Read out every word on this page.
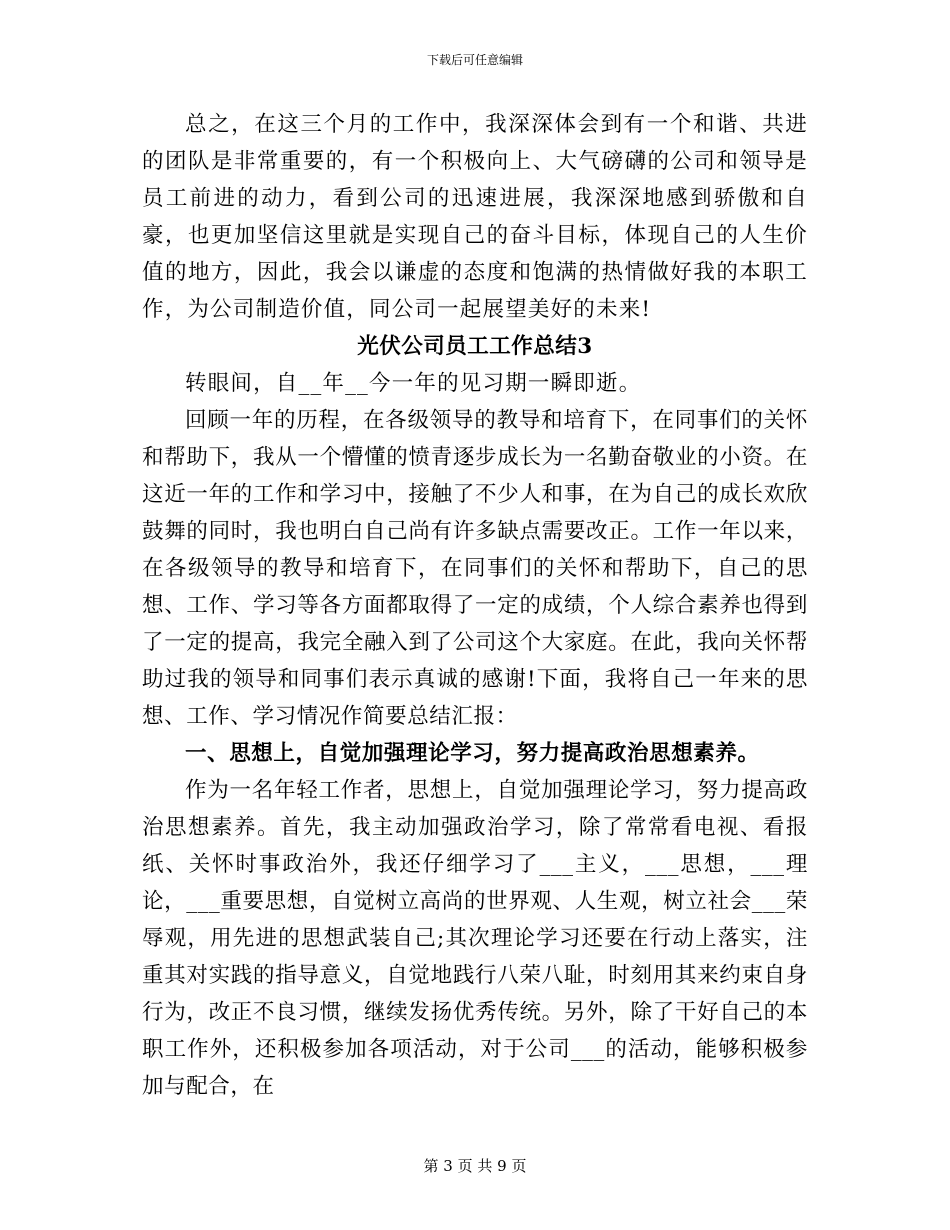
下载后可任意编辑

总之，在这三个月的工作中，我深深体会到有一个和谐、共进的团队是非常重要的，有一个积极向上、大气磅礴的公司和领导是员工前进的动力，看到公司的迅速进展，我深深地感到骄傲和自豪，也更加坚信这里就是实现自己的奋斗目标，体现自己的人生价值的地方，因此，我会以谦虚的态度和饱满的热情做好我的本职工作，为公司制造价值，同公司一起展望美好的未来!

光伏公司员工工作总结3

转眼间，自__年__今一年的见习期一瞬即逝。

回顾一年的历程，在各级领导的教导和培育下，在同事们的关怀和帮助下，我从一个懵懂的愤青逐步成长为一名勤奋敬业的小资。在这近一年的工作和学习中，接触了不少人和事，在为自己的成长欢欣鼓舞的同时，我也明白自己尚有许多缺点需要改正。工作一年以来，在各级领导的教导和培育下，在同事们的关怀和帮助下，自己的思想、工作、学习等各方面都取得了一定的成绩，个人综合素养也得到了一定的提高，我完全融入到了公司这个大家庭。在此，我向关怀帮助过我的领导和同事们表示真诚的感谢!下面，我将自己一年来的思想、工作、学习情况作简要总结汇报：

一、思想上，自觉加强理论学习，努力提高政治思想素养。

作为一名年轻工作者，思想上，自觉加强理论学习，努力提高政治思想素养。首先，我主动加强政治学习，除了常常看电视、看报纸、关怀时事政治外，我还仔细学习了___主义，___思想，___理论，___重要思想，自觉树立高尚的世界观、人生观，树立社会___荣辱观，用先进的思想武装自己;其次理论学习还要在行动上落实，注重其对实践的指导意义，自觉地践行八荣八耻，时刻用其来约束自身行为，改正不良习惯，继续发扬优秀传统。另外，除了干好自己的本职工作外，还积极参加各项活动，对于公司___的活动，能够积极参加与配合，在

第 3 页 共 9 页
